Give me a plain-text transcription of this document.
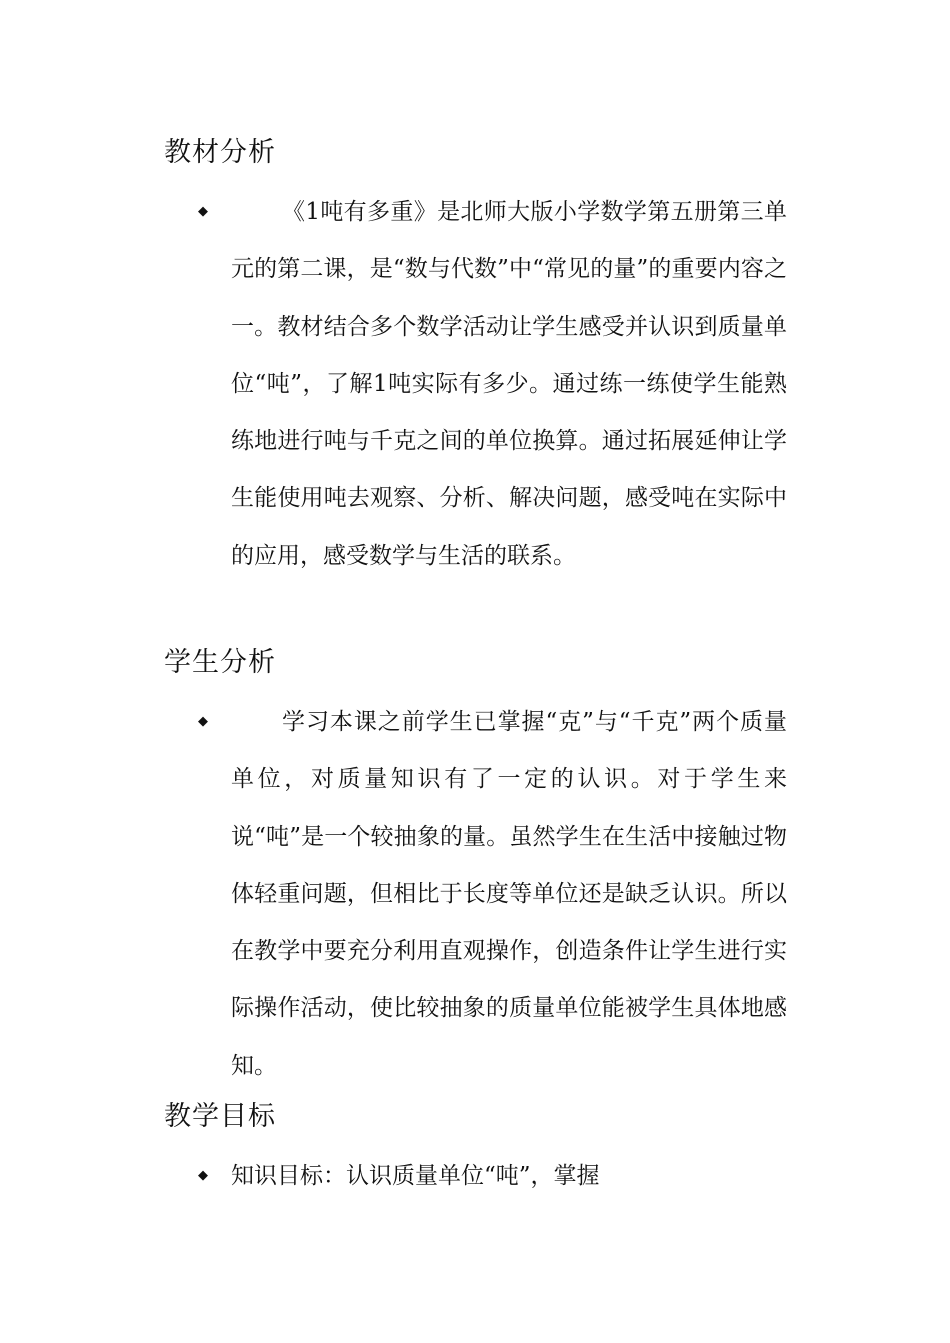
教材分析
◆	《1吨有多重》是北师大版小学数学第五册第三单元的第二课，是“数与代数”中“常见的量”的重要内容之一。教材结合多个数学活动让学生感受并认识到质量单位“吨”，了解1吨实际有多少。通过练一练使学生能熟练地进行吨与千克之间的单位换算。通过拓展延伸让学生能使用吨去观察、分析、解决问题，感受吨在实际中的应用，感受数学与生活的联系。

学生分析
◆	学习本课之前学生已掌握“克”与“千克”两个质量单位，对质量知识有了一定的认识。对于学生来说“吨”是一个较抽象的量。虽然学生在生活中接触过物体轻重问题，但相比于长度等单位还是缺乏认识。所以在教学中要充分利用直观操作，创造条件让学生进行实际操作活动，使比较抽象的质量单位能被学生具体地感知。

教学目标
◆ 知识目标：认识质量单位“吨”，掌握
